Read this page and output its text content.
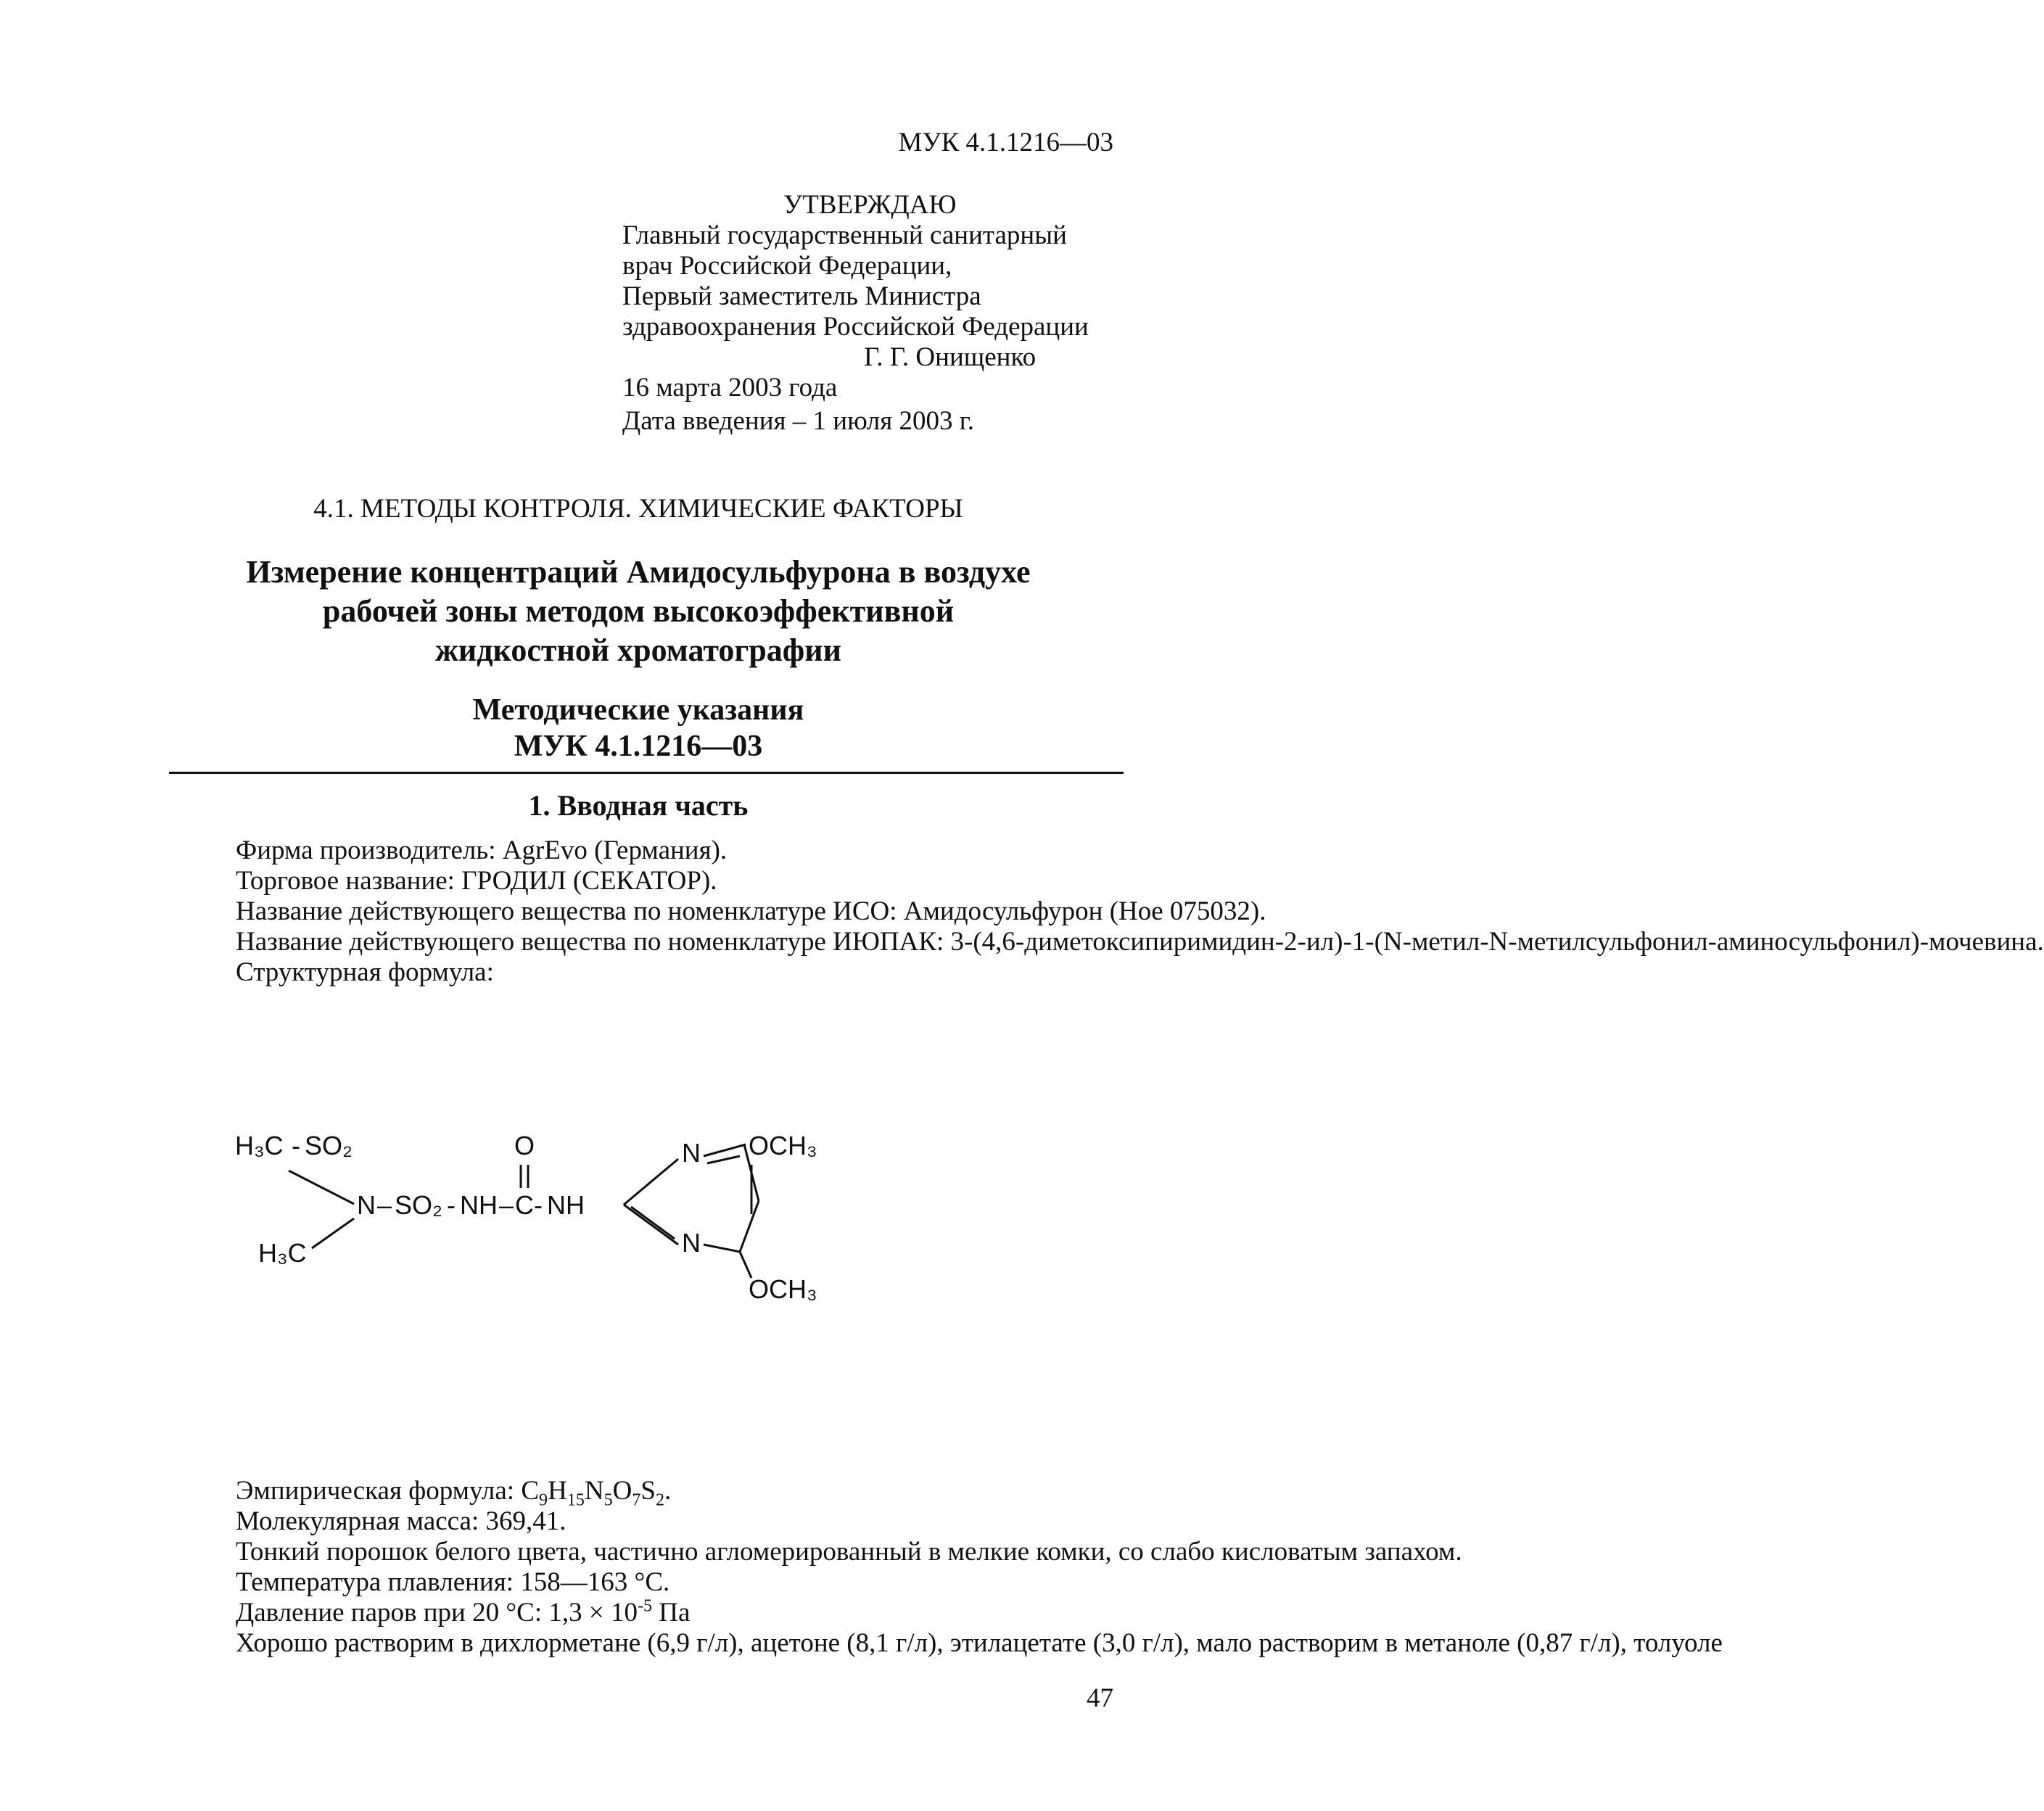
МУК 4.1.1216—03
УТВЕРЖДАЮ
Главный государственный санитарный
врач Российской Федерации,
Первый заместитель Министра
здравоохранения Российской Федерации
Г. Г. Онищенко
16 марта 2003 года
Дата введения – 1 июля 2003 г.
4.1. МЕТОДЫ КОНТРОЛЯ. ХИМИЧЕСКИЕ ФАКТОРЫ
Измерение концентраций Амидосульфурона в воздухе
рабочей зоны методом высокоэффективной
жидкостной хроматографии
Методические указания
МУК 4.1.1216—03
1. Вводная часть

Фирма производитель: AgrEvo (Германия).

Торговое название: ГРОДИЛ (СЕКАТОР).

Название действующего вещества по номенклатуре ИСО: Амидосульфурон (Hoe 075032).

Название действующего вещества по номенклатуре ИЮПАК: 3-(4,6-диметоксипиримидин-2-ил)-1-(N-метил-N-метилсульфонил-аминосульфонил)-мочевина.

Структурная формула:

H₃C - SO₂
N – SO₂ - NH – C - NH
O	N
N
OCH₃
H₃C
OCH₃

Эмпирическая формула: $C_9H_{15}N_5O_7S_2$.

Молекулярная масса: 369,41.

Тонкий порошок белого цвета, частично агломерированный в мелкие комки, со слабо кисловатым запахом.

Температура плавления: 158—163 °С.

Давление паров при 20 °С: $1,3 \times 10^{-5}$ Па

Хорошо растворим в дихлорметане (6,9 г/л), ацетоне (8,1 г/л), этилацетате (3,0 г/л), мало растворим в метаноле (0,87 г/л), толуоле

47
